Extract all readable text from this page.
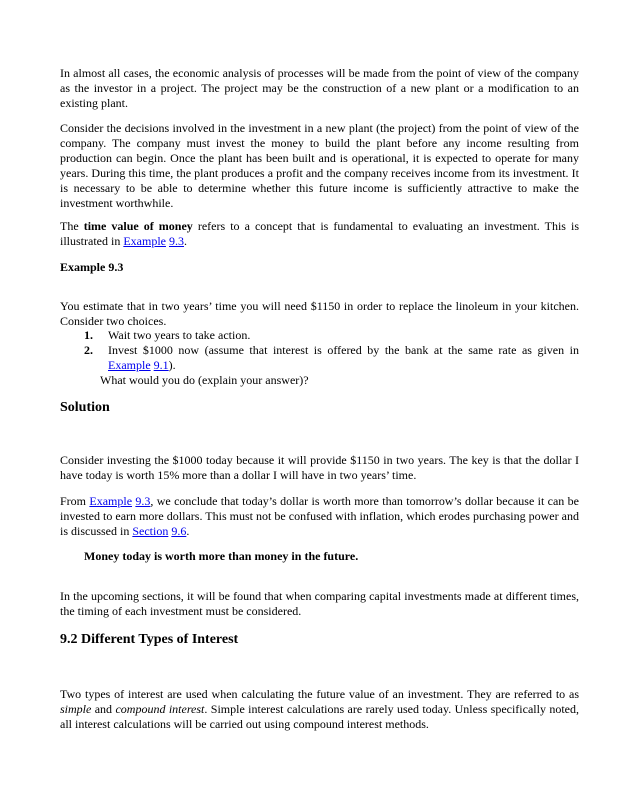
In almost all cases, the economic analysis of processes will be made from the point of view of the company as the investor in a project. The project may be the construction of a new plant or a modification to an existing plant.

Consider the decisions involved in the investment in a new plant (the project) from the point of view of the company. The company must invest the money to build the plant before any income resulting from production can begin. Once the plant has been built and is operational, it is expected to operate for many years. During this time, the plant produces a profit and the company receives income from its investment. It is necessary to be able to determine whether this future income is sufficiently attractive to make the investment worthwhile.

The time value of money refers to a concept that is fundamental to evaluating an investment. This is illustrated in Example 9.3.

Example 9.3

You estimate that in two years’ time you will need $1150 in order to replace the linoleum in your kitchen. Consider two choices.

1. Wait two years to take action.
2. Invest $1000 now (assume that interest is offered by the bank at the same rate as given in Example 9.1).
What would you do (explain your answer)?

Solution

Consider investing the $1000 today because it will provide $1150 in two years. The key is that the dollar I have today is worth 15% more than a dollar I will have in two years’ time.

From Example 9.3, we conclude that today’s dollar is worth more than tomorrow’s dollar because it can be invested to earn more dollars. This must not be confused with inflation, which erodes purchasing power and is discussed in Section 9.6.

Money today is worth more than money in the future.

In the upcoming sections, it will be found that when comparing capital investments made at different times, the timing of each investment must be considered.

9.2 Different Types of Interest

Two types of interest are used when calculating the future value of an investment. They are referred to as simple and compound interest. Simple interest calculations are rarely used today. Unless specifically noted, all interest calculations will be carried out using compound interest methods.
